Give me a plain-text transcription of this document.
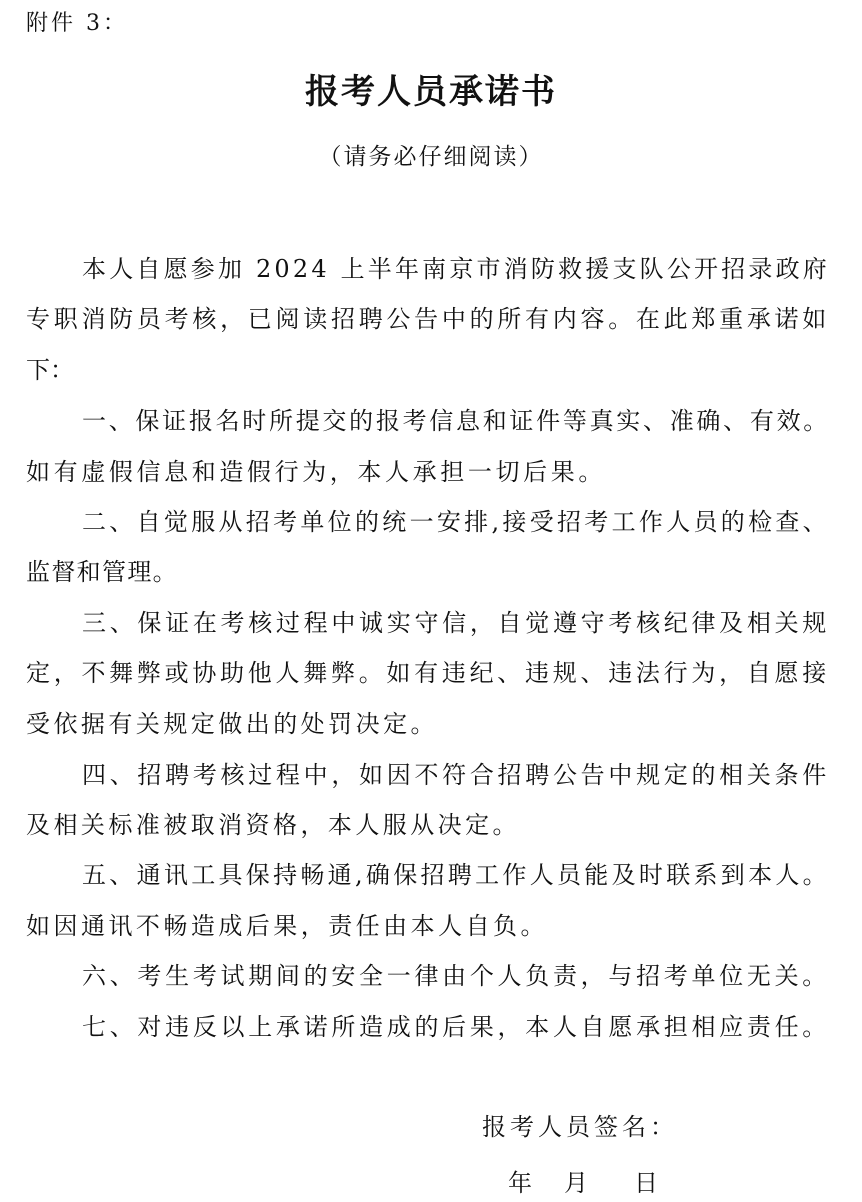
附件 3：
报考人员承诺书
（请务必仔细阅读）
本人自愿参加 2024 上半年南京市消防救援支队公开招录政府
专职消防员考核，已阅读招聘公告中的所有内容。在此郑重承诺如
下：
一、保证报名时所提交的报考信息和证件等真实、准确、有效。
如有虚假信息和造假行为，本人承担一切后果。
二、自觉服从招考单位的统一安排,接受招考工作人员的检查、
监督和管理。
三、保证在考核过程中诚实守信，自觉遵守考核纪律及相关规
定，不舞弊或协助他人舞弊。如有违纪、违规、违法行为，自愿接
受依据有关规定做出的处罚决定。
四、招聘考核过程中，如因不符合招聘公告中规定的相关条件
及相关标准被取消资格，本人服从决定。
五、通讯工具保持畅通,确保招聘工作人员能及时联系到本人。
如因通讯不畅造成后果，责任由本人自负。
六、考生考试期间的安全一律由个人负责，与招考单位无关。
七、对违反以上承诺所造成的后果，本人自愿承担相应责任。
报考人员签名：
年 月 日
